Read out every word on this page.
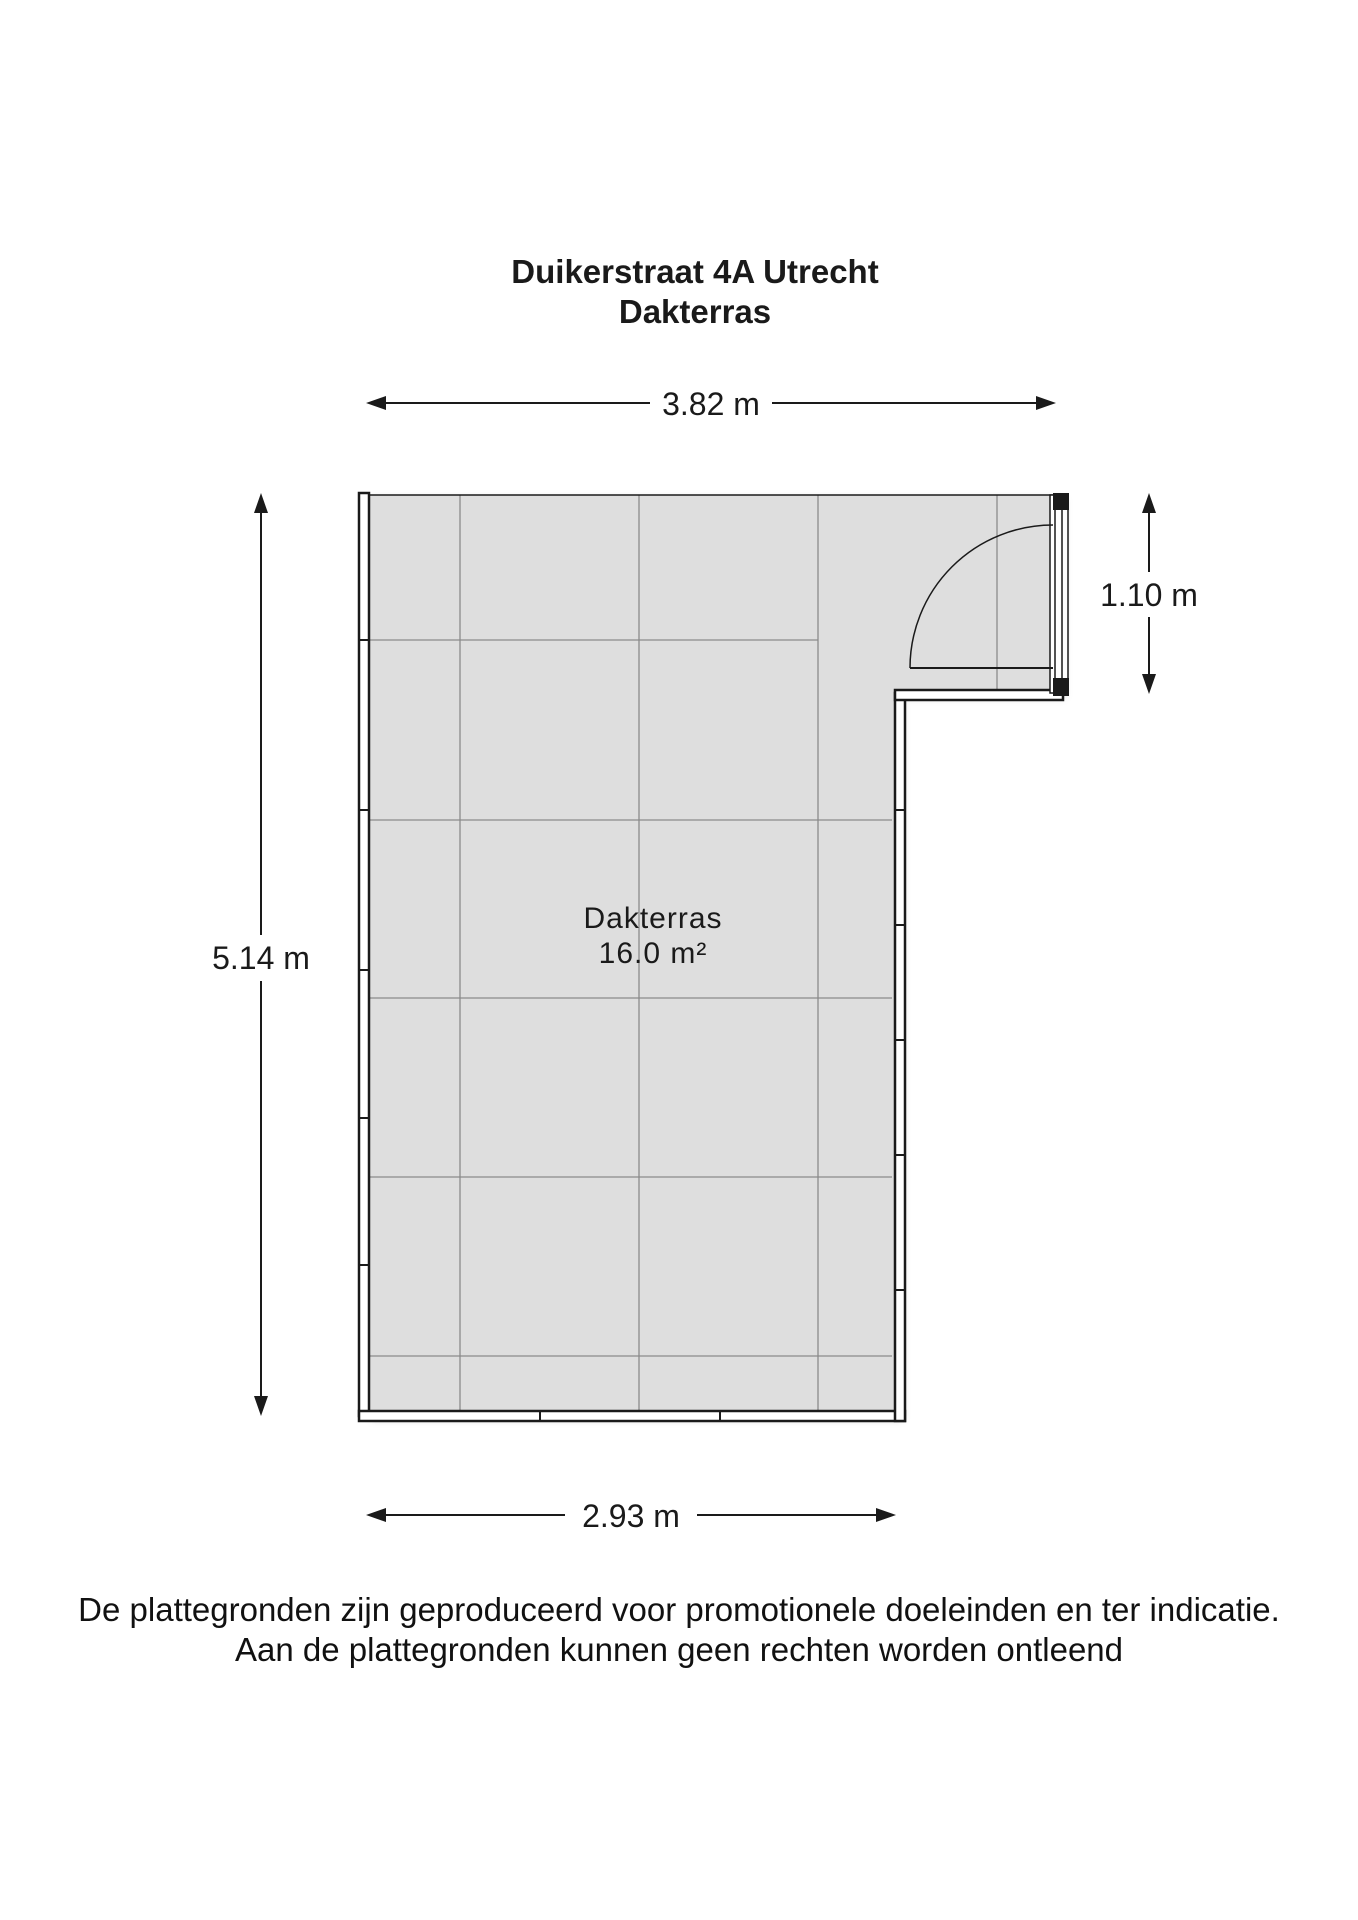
Duikerstraat 4A Utrecht
Dakterras
3.82 m
1.10 m
5.14 m
2.93 m
Dakterras
16.0 m²
De plattegronden zijn geproduceerd voor promotionele doeleinden en ter indicatie.
Aan de plattegronden kunnen geen rechten worden ontleend
